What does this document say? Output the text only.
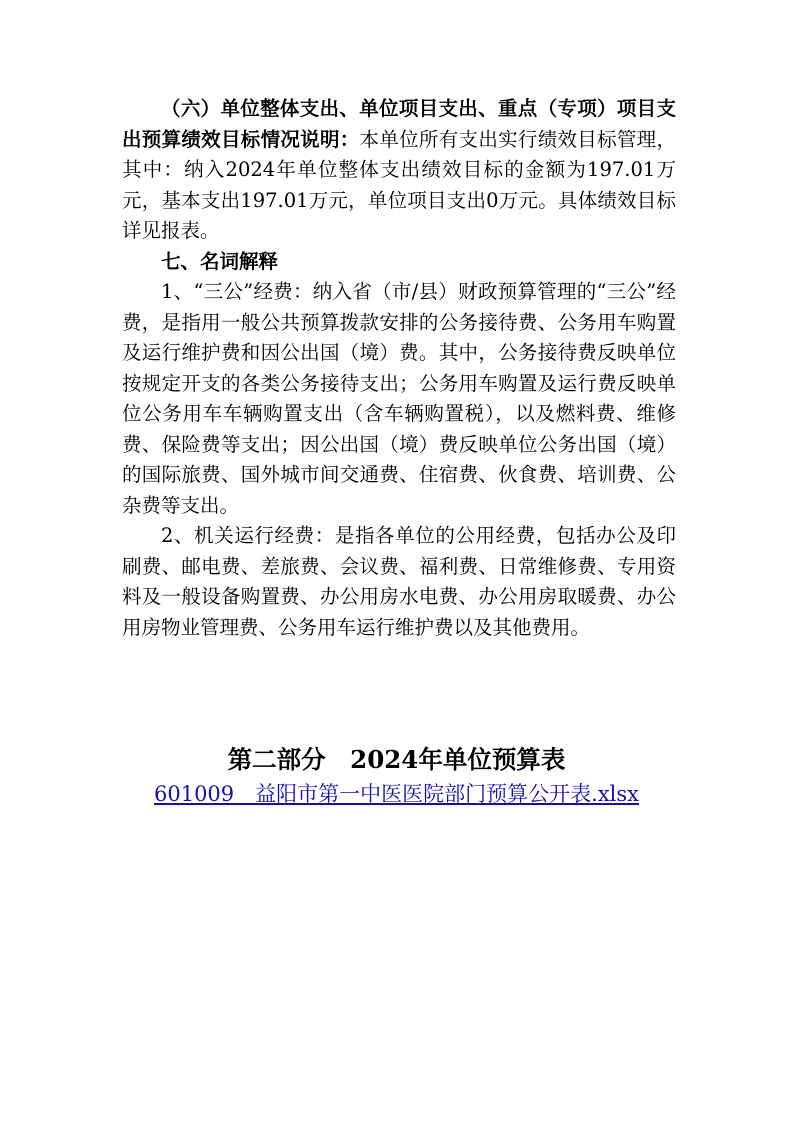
（六）单位整体支出、单位项目支出、重点（专项）项目支出预算绩效目标情况说明：本单位所有支出实行绩效目标管理，其中：纳入2024年单位整体支出绩效目标的金额为197.01万元，基本支出197.01万元，单位项目支出0万元。具体绩效目标详见报表。

七、名词解释

1、“三公”经费：纳入省（市/县）财政预算管理的“三公”经费，是指用一般公共预算拨款安排的公务接待费、公务用车购置及运行维护费和因公出国（境）费。其中，公务接待费反映单位按规定开支的各类公务接待支出；公务用车购置及运行费反映单位公务用车车辆购置支出（含车辆购置税），以及燃料费、维修费、保险费等支出；因公出国（境）费反映单位公务出国（境）的国际旅费、国外城市间交通费、住宿费、伙食费、培训费、公杂费等支出。

2、机关运行经费：是指各单位的公用经费，包括办公及印刷费、邮电费、差旅费、会议费、福利费、日常维修费、专用资料及一般设备购置费、办公用房水电费、办公用房取暖费、办公用房物业管理费、公务用车运行维护费以及其他费用。

第二部分　2024年单位预算表
601009　益阳市第一中医医院部门预算公开表.xlsx
